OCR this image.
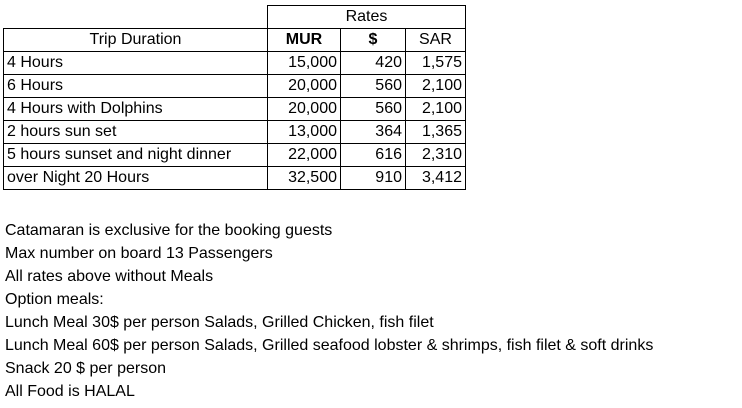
	Rates		
Trip Duration	MUR	$	SAR
4 Hours	15,000	420	1,575
6 Hours	20,000	560	2,100
4 Hours with Dolphins	20,000	560	2,100
2 hours sun set	13,000	364	1,365
5 hours sunset and night dinner	22,000	616	2,310
over Night 20 Hours	32,500	910	3,412
Catamaran is exclusive for the booking guests
Max number on board 13 Passengers
All rates above without Meals
Option meals:
Lunch Meal 30$ per person Salads, Grilled Chicken, fish filet
Lunch Meal 60$ per person Salads, Grilled seafood lobster & shrimps, fish filet & soft drinks
Snack 20 $ per person
All Food is HALAL
